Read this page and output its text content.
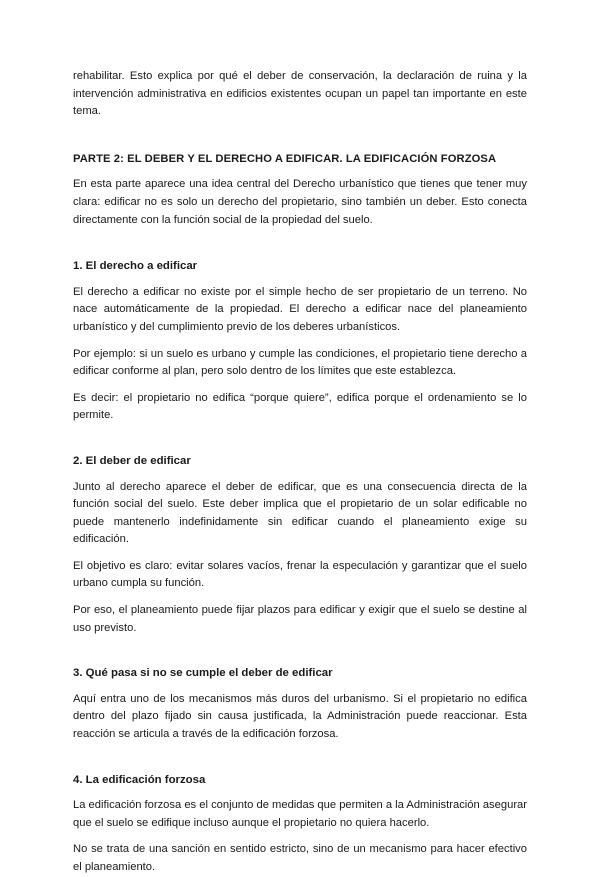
rehabilitar. Esto explica por qué el deber de conservación, la declaración de ruina y la intervención administrativa en edificios existentes ocupan un papel tan importante en este tema.

PARTE 2: EL DEBER Y EL DERECHO A EDIFICAR. LA EDIFICACIÓN FORZOSA

En esta parte aparece una idea central del Derecho urbanístico que tienes que tener muy clara: edificar no es solo un derecho del propietario, sino también un deber. Esto conecta directamente con la función social de la propiedad del suelo.

1. El derecho a edificar

El derecho a edificar no existe por el simple hecho de ser propietario de un terreno. No nace automáticamente de la propiedad. El derecho a edificar nace del planeamiento urbanístico y del cumplimiento previo de los deberes urbanísticos.

Por ejemplo: si un suelo es urbano y cumple las condiciones, el propietario tiene derecho a edificar conforme al plan, pero solo dentro de los límites que este establezca.

Es decir: el propietario no edifica “porque quiere”, edifica porque el ordenamiento se lo permite.

2. El deber de edificar

Junto al derecho aparece el deber de edificar, que es una consecuencia directa de la función social del suelo. Este deber implica que el propietario de un solar edificable no puede mantenerlo indefinidamente sin edificar cuando el planeamiento exige su edificación.

El objetivo es claro: evitar solares vacíos, frenar la especulación y garantizar que el suelo urbano cumpla su función.

Por eso, el planeamiento puede fijar plazos para edificar y exigir que el suelo se destine al uso previsto.

3. Qué pasa si no se cumple el deber de edificar

Aquí entra uno de los mecanismos más duros del urbanismo. Si el propietario no edifica dentro del plazo fijado sin causa justificada, la Administración puede reaccionar. Esta reacción se articula a través de la edificación forzosa.

4. La edificación forzosa

La edificación forzosa es el conjunto de medidas que permiten a la Administración asegurar que el suelo se edifique incluso aunque el propietario no quiera hacerlo.

No se trata de una sanción en sentido estricto, sino de un mecanismo para hacer efectivo el planeamiento.
